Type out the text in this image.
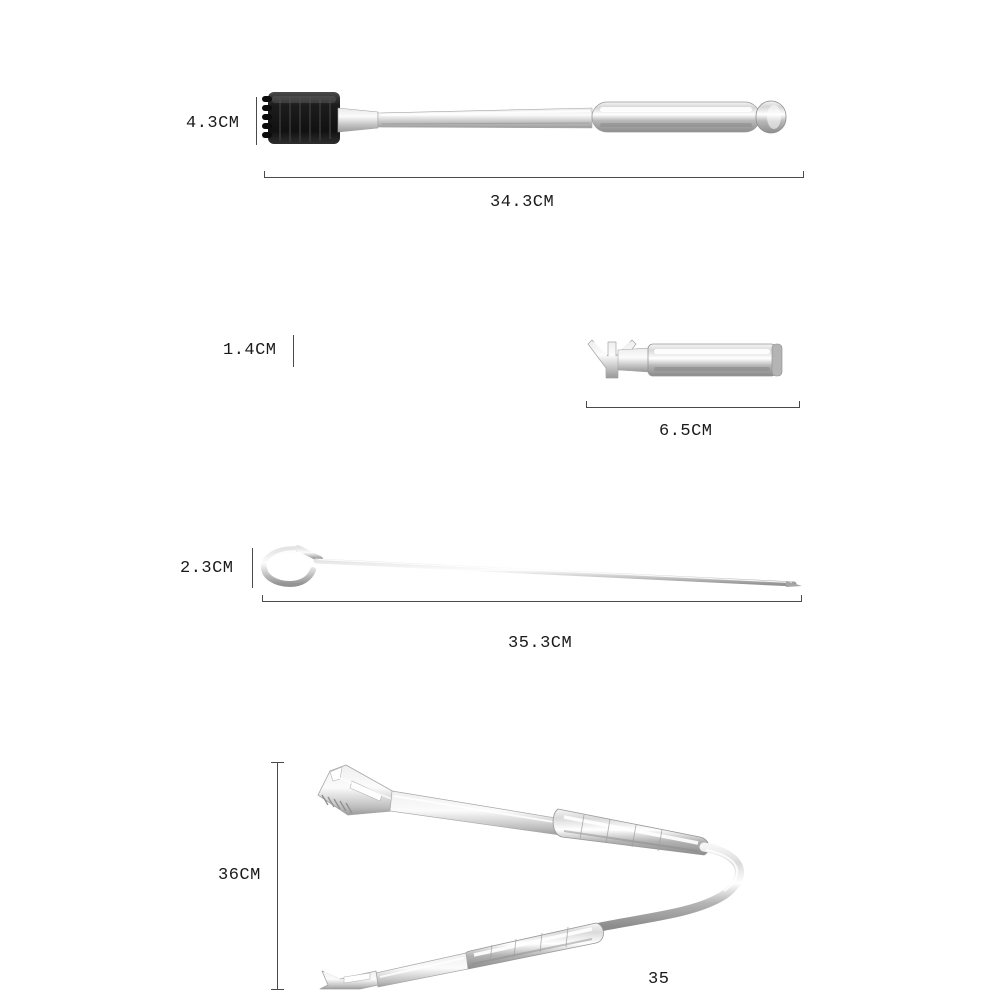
4.3CM
34.3CM
1.4CM
6.5CM
2.3CM
35.3CM
36CM
35
